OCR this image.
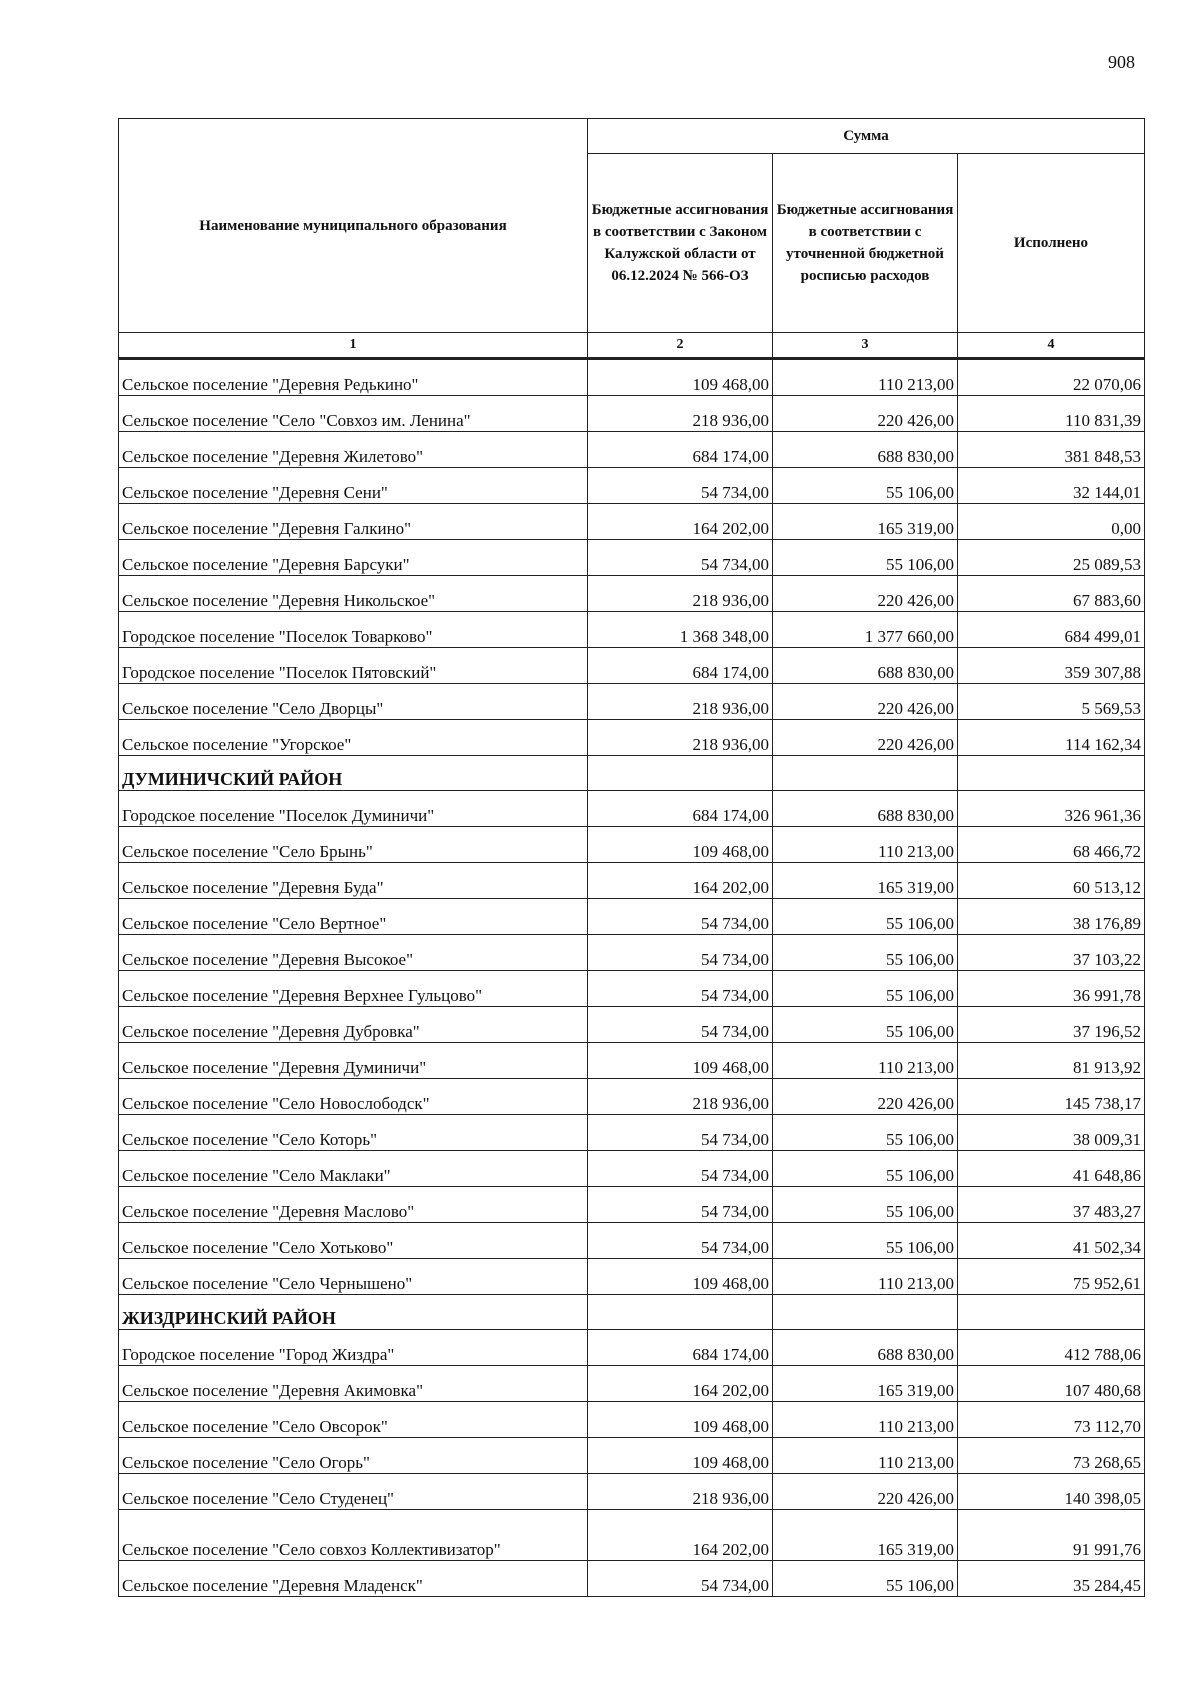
908
Наименование муниципального образования	Сумма		
	Бюджетные ассигнования в соответствии с Законом Калужской области от 06.12.2024 № 566-ОЗ	Бюджетные ассигнования в соответствии с уточненной бюджетной росписью расходов	Исполнено
1	2	3	4
Сельское поселение "Деревня Редькино"	109 468,00	110 213,00	22 070,06
Сельское поселение "Село "Совхоз им. Ленина"	218 936,00	220 426,00	110 831,39
Сельское поселение "Деревня Жилетово"	684 174,00	688 830,00	381 848,53
Сельское поселение "Деревня Сени"	54 734,00	55 106,00	32 144,01
Сельское поселение "Деревня Галкино"	164 202,00	165 319,00	0,00
Сельское поселение "Деревня Барсуки"	54 734,00	55 106,00	25 089,53
Сельское поселение "Деревня Никольское"	218 936,00	220 426,00	67 883,60
Городское поселение "Поселок Товарково"	1 368 348,00	1 377 660,00	684 499,01
Городское поселение "Поселок Пятовский"	684 174,00	688 830,00	359 307,88
Сельское поселение "Село Дворцы"	218 936,00	220 426,00	5 569,53
Сельское поселение "Угорское"	218 936,00	220 426,00	114 162,34
ДУМИНИЧСКИЙ РАЙОН			
Городское поселение "Поселок Думиничи"	684 174,00	688 830,00	326 961,36
Сельское поселение "Село Брынь"	109 468,00	110 213,00	68 466,72
Сельское поселение "Деревня Буда"	164 202,00	165 319,00	60 513,12
Сельское поселение "Село Вертное"	54 734,00	55 106,00	38 176,89
Сельское поселение "Деревня Высокое"	54 734,00	55 106,00	37 103,22
Сельское поселение "Деревня Верхнее Гульцово"	54 734,00	55 106,00	36 991,78
Сельское поселение "Деревня Дубровка"	54 734,00	55 106,00	37 196,52
Сельское поселение "Деревня Думиничи"	109 468,00	110 213,00	81 913,92
Сельское поселение "Село Новослободск"	218 936,00	220 426,00	145 738,17
Сельское поселение "Село Которь"	54 734,00	55 106,00	38 009,31
Сельское поселение "Село Маклаки"	54 734,00	55 106,00	41 648,86
Сельское поселение "Деревня Маслово"	54 734,00	55 106,00	37 483,27
Сельское поселение "Село Хотьково"	54 734,00	55 106,00	41 502,34
Сельское поселение "Село Чернышено"	109 468,00	110 213,00	75 952,61
ЖИЗДРИНСКИЙ РАЙОН			
Городское поселение "Город Жиздра"	684 174,00	688 830,00	412 788,06
Сельское поселение "Деревня Акимовка"	164 202,00	165 319,00	107 480,68
Сельское поселение "Село Овсорок"	109 468,00	110 213,00	73 112,70
Сельское поселение "Село Огорь"	109 468,00	110 213,00	73 268,65
Сельское поселение "Село Студенец"	218 936,00	220 426,00	140 398,05
Сельское поселение "Село совхоз Коллективизатор"	164 202,00	165 319,00	91 991,76
Сельское поселение "Деревня Младенск"	54 734,00	55 106,00	35 284,45
